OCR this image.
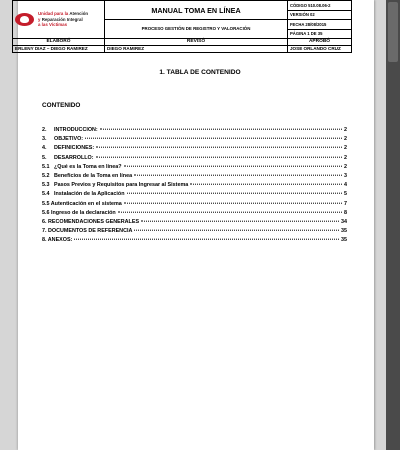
Unidad para la Atención
y Reparación Integral
a las Víctimas	MANUAL TOMA EN LÍNEA	CÓDIGO 510.08.06-2
		VERSIÓN 02
	PROCESO GESTIÓN DE REGISTRO Y VALORACIÓN	FECHA 28/08/2015
		PÁGINA 1 DE 35
ELABORÓ	REVISÓ	APROBÓ
ERLENY DIAZ – DIEGO RAMIREZ	DIEGO RAMIREZ	JOSE ORLANDO CRUZ
1. TABLA DE CONTENIDO
CONTENIDO
2.	INTRODUCCION:	2
3.	OBJETIVO:	2
4.	DEFINICIONES:	2
5.	DESARROLLO:	2
5.1 ¿Qué es la Toma en línea?	2
5.2 Beneficios de la Toma en línea	3
5.3 Pasos Previos y Requisitos para Ingresar al Sistema	4
5.4 Instalación de la Aplicación	5
5.5 Autenticación en el sistema	7
5.6 Ingreso de la declaración	8
6. RECOMENDACIONES GENERALES	34
7. DOCUMENTOS DE REFERENCIA	35
8. ANEXOS:	35
